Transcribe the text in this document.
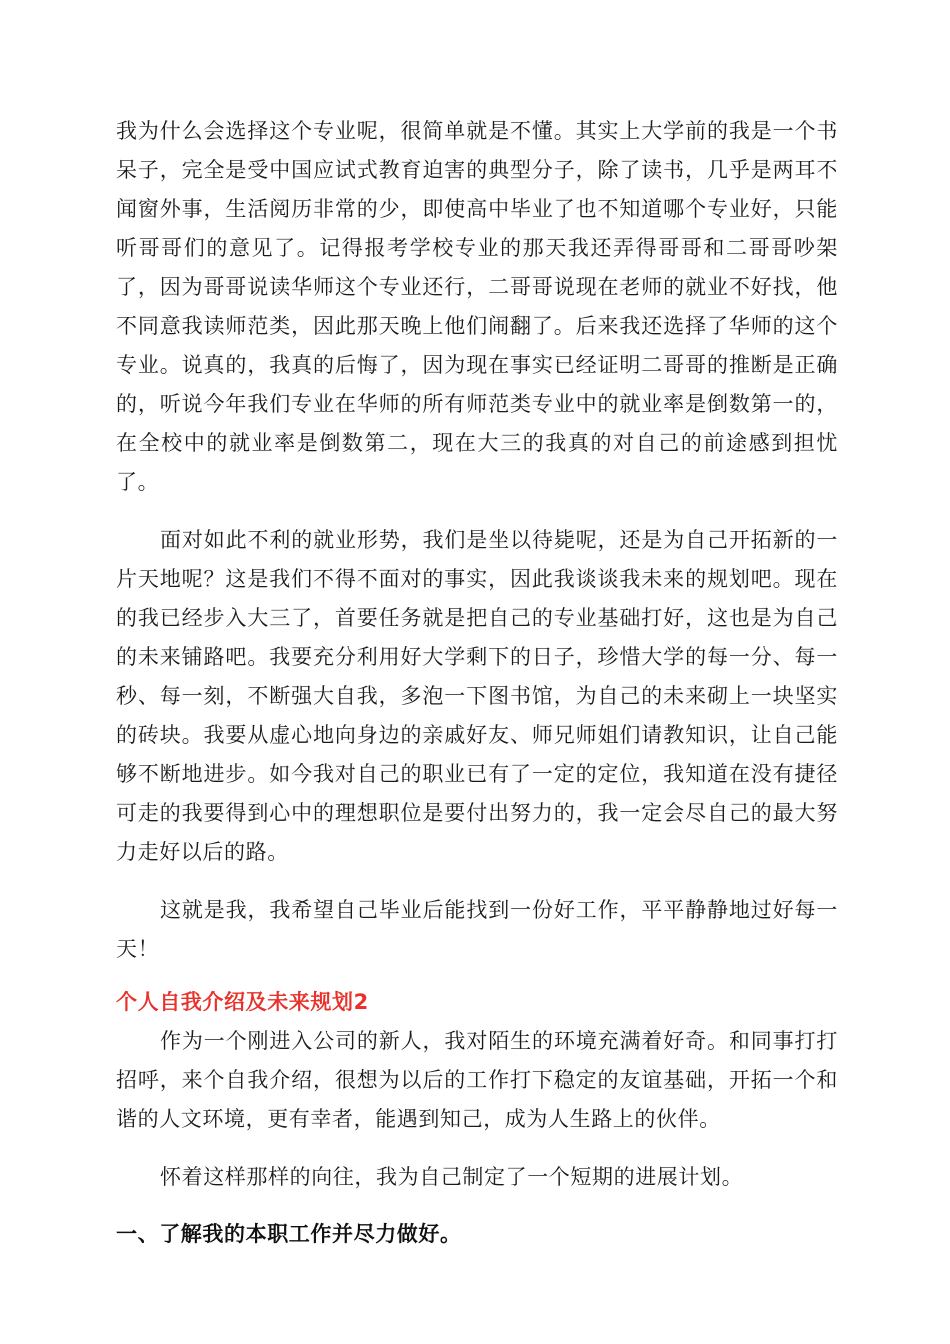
我为什么会选择这个专业呢，很简单就是不懂。其实上大学前的我是一个书呆子，完全是受中国应试式教育迫害的典型分子，除了读书，几乎是两耳不闻窗外事，生活阅历非常的少，即使高中毕业了也不知道哪个专业好，只能听哥哥们的意见了。记得报考学校专业的那天我还弄得哥哥和二哥哥吵架了，因为哥哥说读华师这个专业还行，二哥哥说现在老师的就业不好找，他不同意我读师范类，因此那天晚上他们闹翻了。后来我还选择了华师的这个专业。说真的，我真的后悔了，因为现在事实已经证明二哥哥的推断是正确的，听说今年我们专业在华师的所有师范类专业中的就业率是倒数第一的，在全校中的就业率是倒数第二，现在大三的我真的对自己的前途感到担忧了。

面对如此不利的就业形势，我们是坐以待毙呢，还是为自己开拓新的一片天地呢？这是我们不得不面对的事实，因此我谈谈我未来的规划吧。现在的我已经步入大三了，首要任务就是把自己的专业基础打好，这也是为自己的未来铺路吧。我要充分利用好大学剩下的日子，珍惜大学的每一分、每一秒、每一刻，不断强大自我，多泡一下图书馆，为自己的未来砌上一块坚实的砖块。我要从虚心地向身边的亲戚好友、师兄师姐们请教知识，让自己能够不断地进步。如今我对自己的职业已有了一定的定位，我知道在没有捷径可走的我要得到心中的理想职位是要付出努力的，我一定会尽自己的最大努力走好以后的路。

这就是我，我希望自己毕业后能找到一份好工作，平平静静地过好每一天！

个人自我介绍及未来规划2

作为一个刚进入公司的新人，我对陌生的环境充满着好奇。和同事打打招呼，来个自我介绍，很想为以后的工作打下稳定的友谊基础，开拓一个和谐的人文环境，更有幸者，能遇到知己，成为人生路上的伙伴。

怀着这样那样的向往，我为自己制定了一个短期的进展计划。

一、了解我的本职工作并尽力做好。
